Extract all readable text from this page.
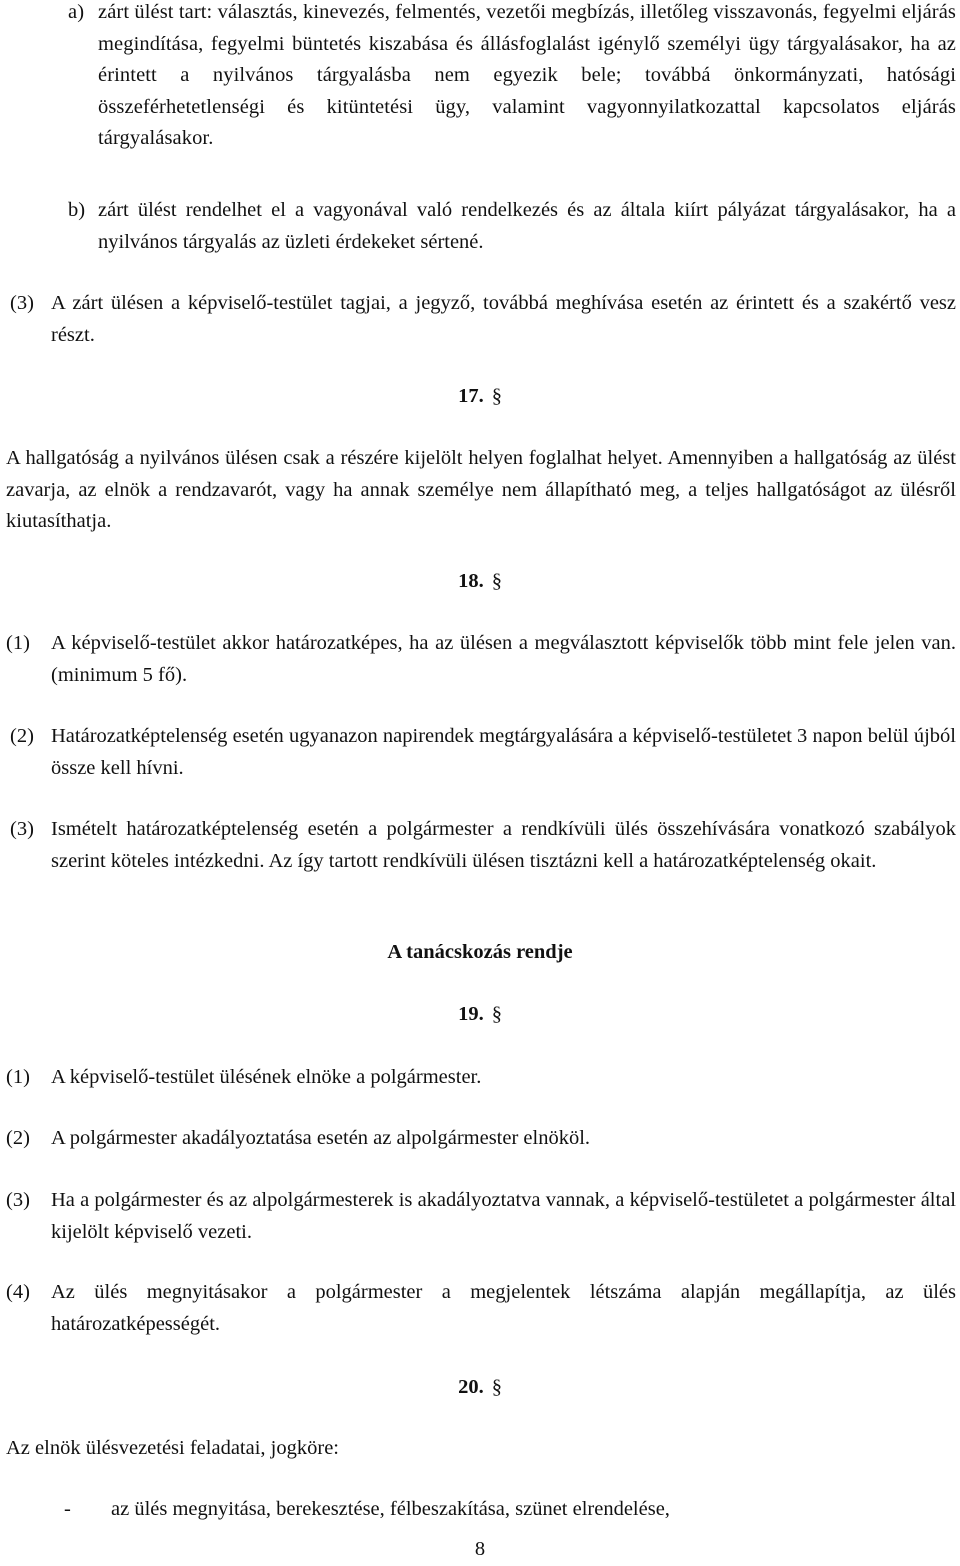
a) zárt ülést tart: választás, kinevezés, felmentés, vezetői megbízás, illetőleg visszavonás, fegyelmi eljárás megindítása, fegyelmi büntetés kiszabása és állásfoglalást igénylő személyi ügy tárgyalásakor, ha az érintett a nyilvános tárgyalásba nem egyezik bele; továbbá önkormányzati, hatósági összeférhetetlenségi és kitüntetési ügy, valamint vagyonnyilatkozattal kapcsolatos eljárás tárgyalásakor.
b) zárt ülést rendelhet el a vagyonával való rendelkezés és az általa kiírt pályázat tárgyalásakor, ha a nyilvános tárgyalás az üzleti érdekeket sértené.
(3) A zárt ülésen a képviselő-testület tagjai, a jegyző, továbbá meghívása esetén az érintett és a szakértő vesz részt.
17. §
A hallgatóság a nyilvános ülésen csak a részére kijelölt helyen foglalhat helyet. Amennyiben a hallgatóság az ülést zavarja, az elnök a rendzavarót, vagy ha annak személye nem állapítható meg, a teljes hallgatóságot az ülésről kiutasíthatja.
18. §
(1)	A képviselő-testület akkor határozatképes, ha az ülésen a megválasztott képviselők több mint fele jelen van. (minimum 5 fő).
(2) Határozatképtelenség esetén ugyanazon napirendek megtárgyalására a képviselő-testületet 3 napon belül újból össze kell hívni.
(3) Ismételt határozatképtelenség esetén a polgármester a rendkívüli ülés összehívására vonatkozó szabályok szerint köteles intézkedni. Az így tartott rendkívüli ülésen tisztázni kell a határozatképtelenség okait.
A tanácskozás rendje
19. §
(1)	A képviselő-testület ülésének elnöke a polgármester.
(2)	A polgármester akadályoztatása esetén az alpolgármester elnököl.
(3)	Ha a polgármester és az alpolgármesterek is akadályoztatva vannak, a képviselő-testületet a polgármester által kijelölt képviselő vezeti.
(4)	Az ülés megnyitásakor a polgármester a megjelentek létszáma alapján megállapítja, az ülés határozatképességét.
20. §
Az elnök ülésvezetési feladatai, jogköre:
-	az ülés megnyitása, berekesztése, félbeszakítása, szünet elrendelése,
8
